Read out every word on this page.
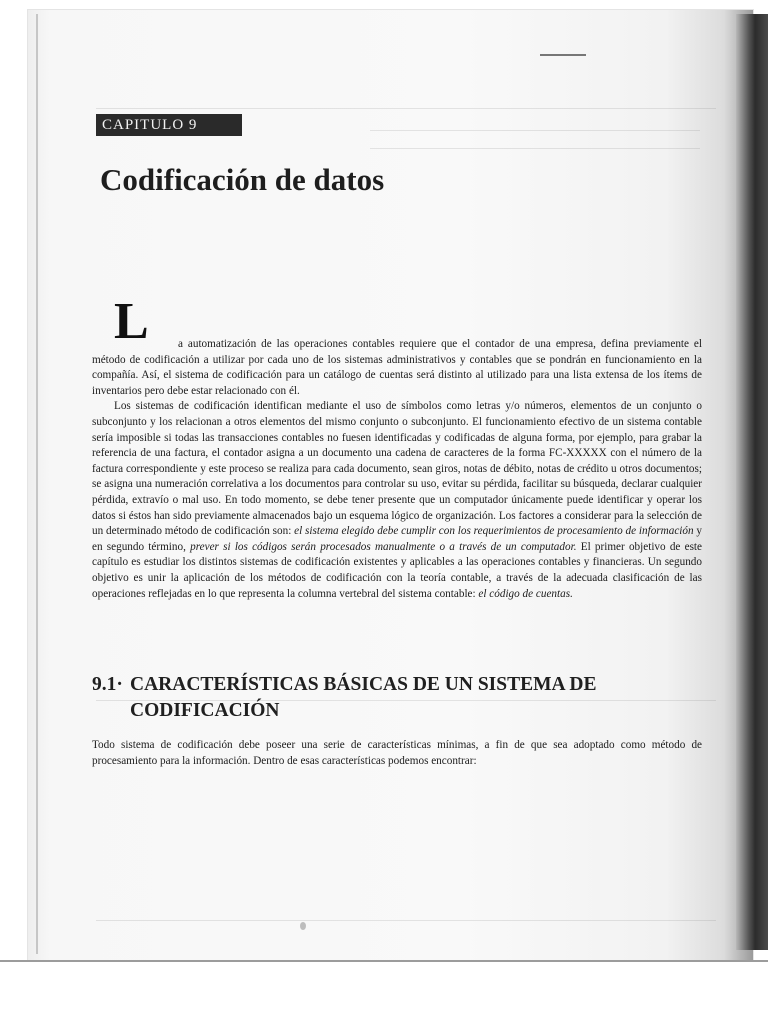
CAPITULO 9
Codificación de datos
L	a automatización de las operaciones contables requiere que el contador de una empresa, defina previamente el método de codificación a utilizar por cada uno de los sistemas administrativos y contables que se pondrán en funcionamiento en la compañía. Así, el sistema de codificación para un catálogo de cuentas será distinto al utilizado para una lista extensa de los ítems de inventarios pero debe estar relacionado con él.

Los sistemas de codificación identifican mediante el uso de símbolos como letras y/o números, elementos de un conjunto o subconjunto y los relacionan a otros elementos del mismo conjunto o subconjunto. El funcionamiento efectivo de un sistema contable sería imposible si todas las transacciones contables no fuesen identificadas y codificadas de alguna forma, por ejemplo, para grabar la referencia de una factura, el contador asigna a un documento una cadena de caracteres de la forma FC-XXXXX con el número de la factura correspondiente y este proceso se realiza para cada documento, sean giros, notas de débito, notas de crédito u otros documentos; se asigna una numeración correlativa a los documentos para controlar su uso, evitar su pérdida, facilitar su búsqueda, declarar cualquier pérdida, extravío o mal uso. En todo momento, se debe tener presente que un computador únicamente puede identificar y operar los datos si éstos han sido previamente almacenados bajo un esquema lógico de organización. Los factores a considerar para la selección de un determinado método de codificación son: el sistema elegido debe cumplir con los requerimientos de procesamiento de información y en segundo término, prever si los códigos serán procesados manualmente o a través de un computador. El primer objetivo de este capítulo es estudiar los distintos sistemas de codificación existentes y aplicables a las operaciones contables y financieras. Un segundo objetivo es unir la aplicación de los métodos de codificación con la teoría contable, a través de la adecuada clasificación de las operaciones reflejadas en lo que representa la columna vertebral del sistema contable: el código de cuentas.

9.1· CARACTERÍSTICAS BÁSICAS DE UN SISTEMA DE
CODIFICACIÓN

Todo sistema de codificación debe poseer una serie de características mínimas, a fin de que sea adoptado como método de procesamiento para la información. Dentro de esas características podemos encontrar:
